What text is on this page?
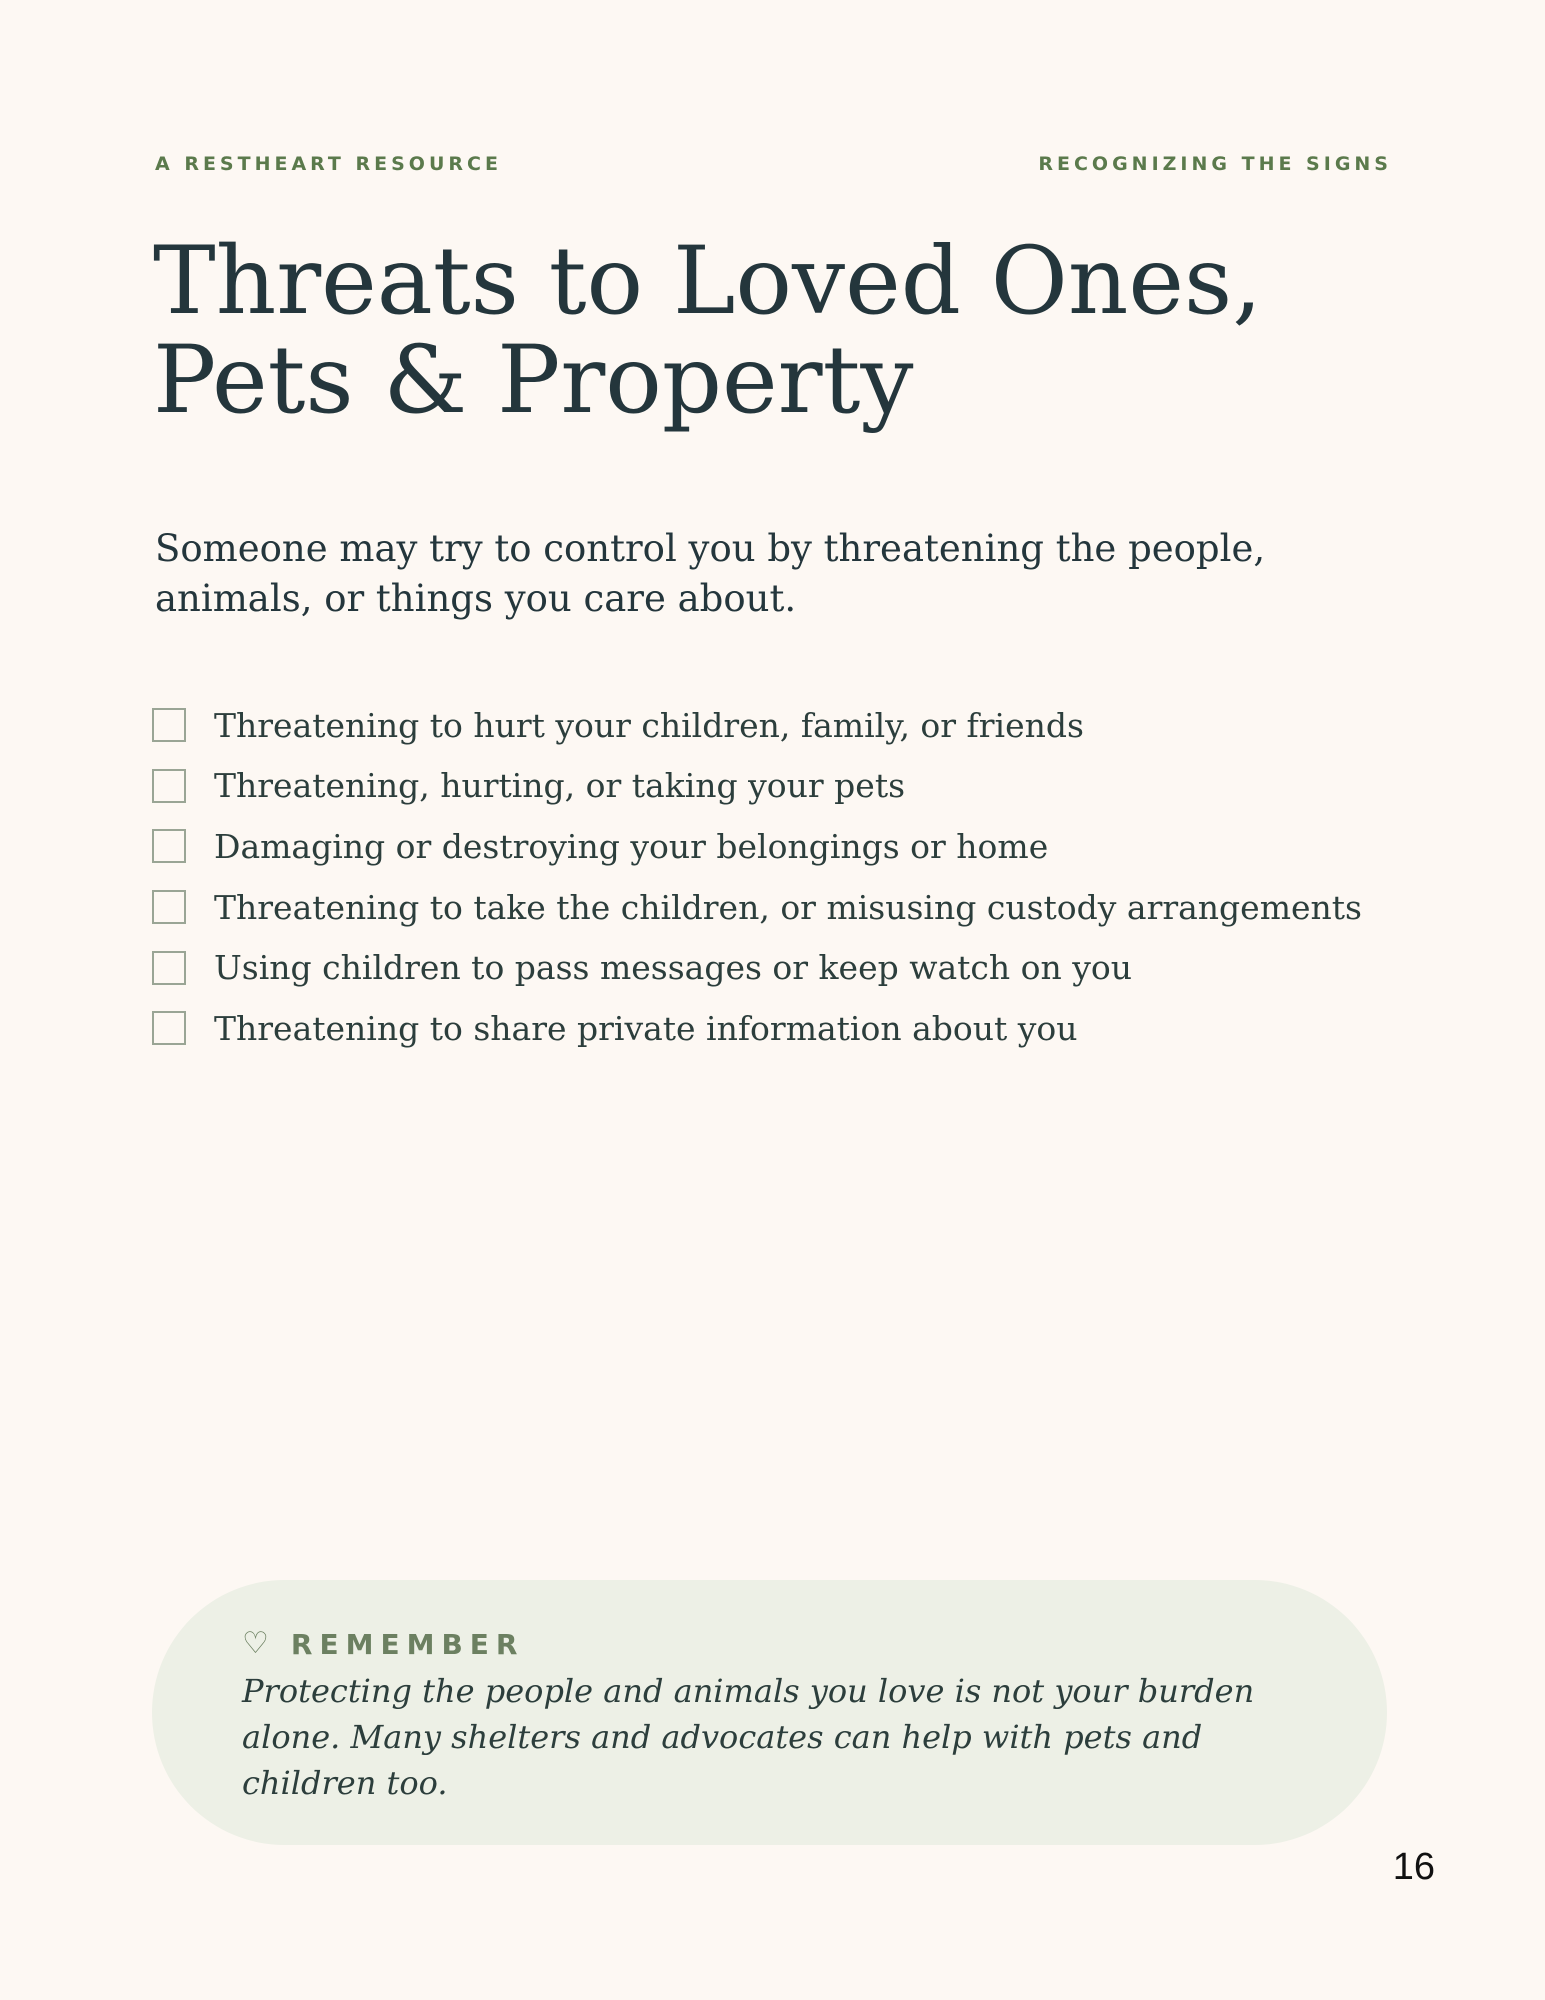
A RESTHEART RESOURCE	RECOGNIZING THE SIGNS
Threats to Loved Ones,
Pets & Property

Someone may try to control you by threatening the people, animals, or things you care about.

Threatening to hurt your children, family, or friends
Threatening, hurting, or taking your pets
Damaging or destroying your belongings or home
Threatening to take the children, or misusing custody arrangements
Using children to pass messages or keep watch on you
Threatening to share private information about you
♡ REMEMBER

Protecting the people and animals you love is not your burden alone. Many shelters and advocates can help with pets and children too.

16
